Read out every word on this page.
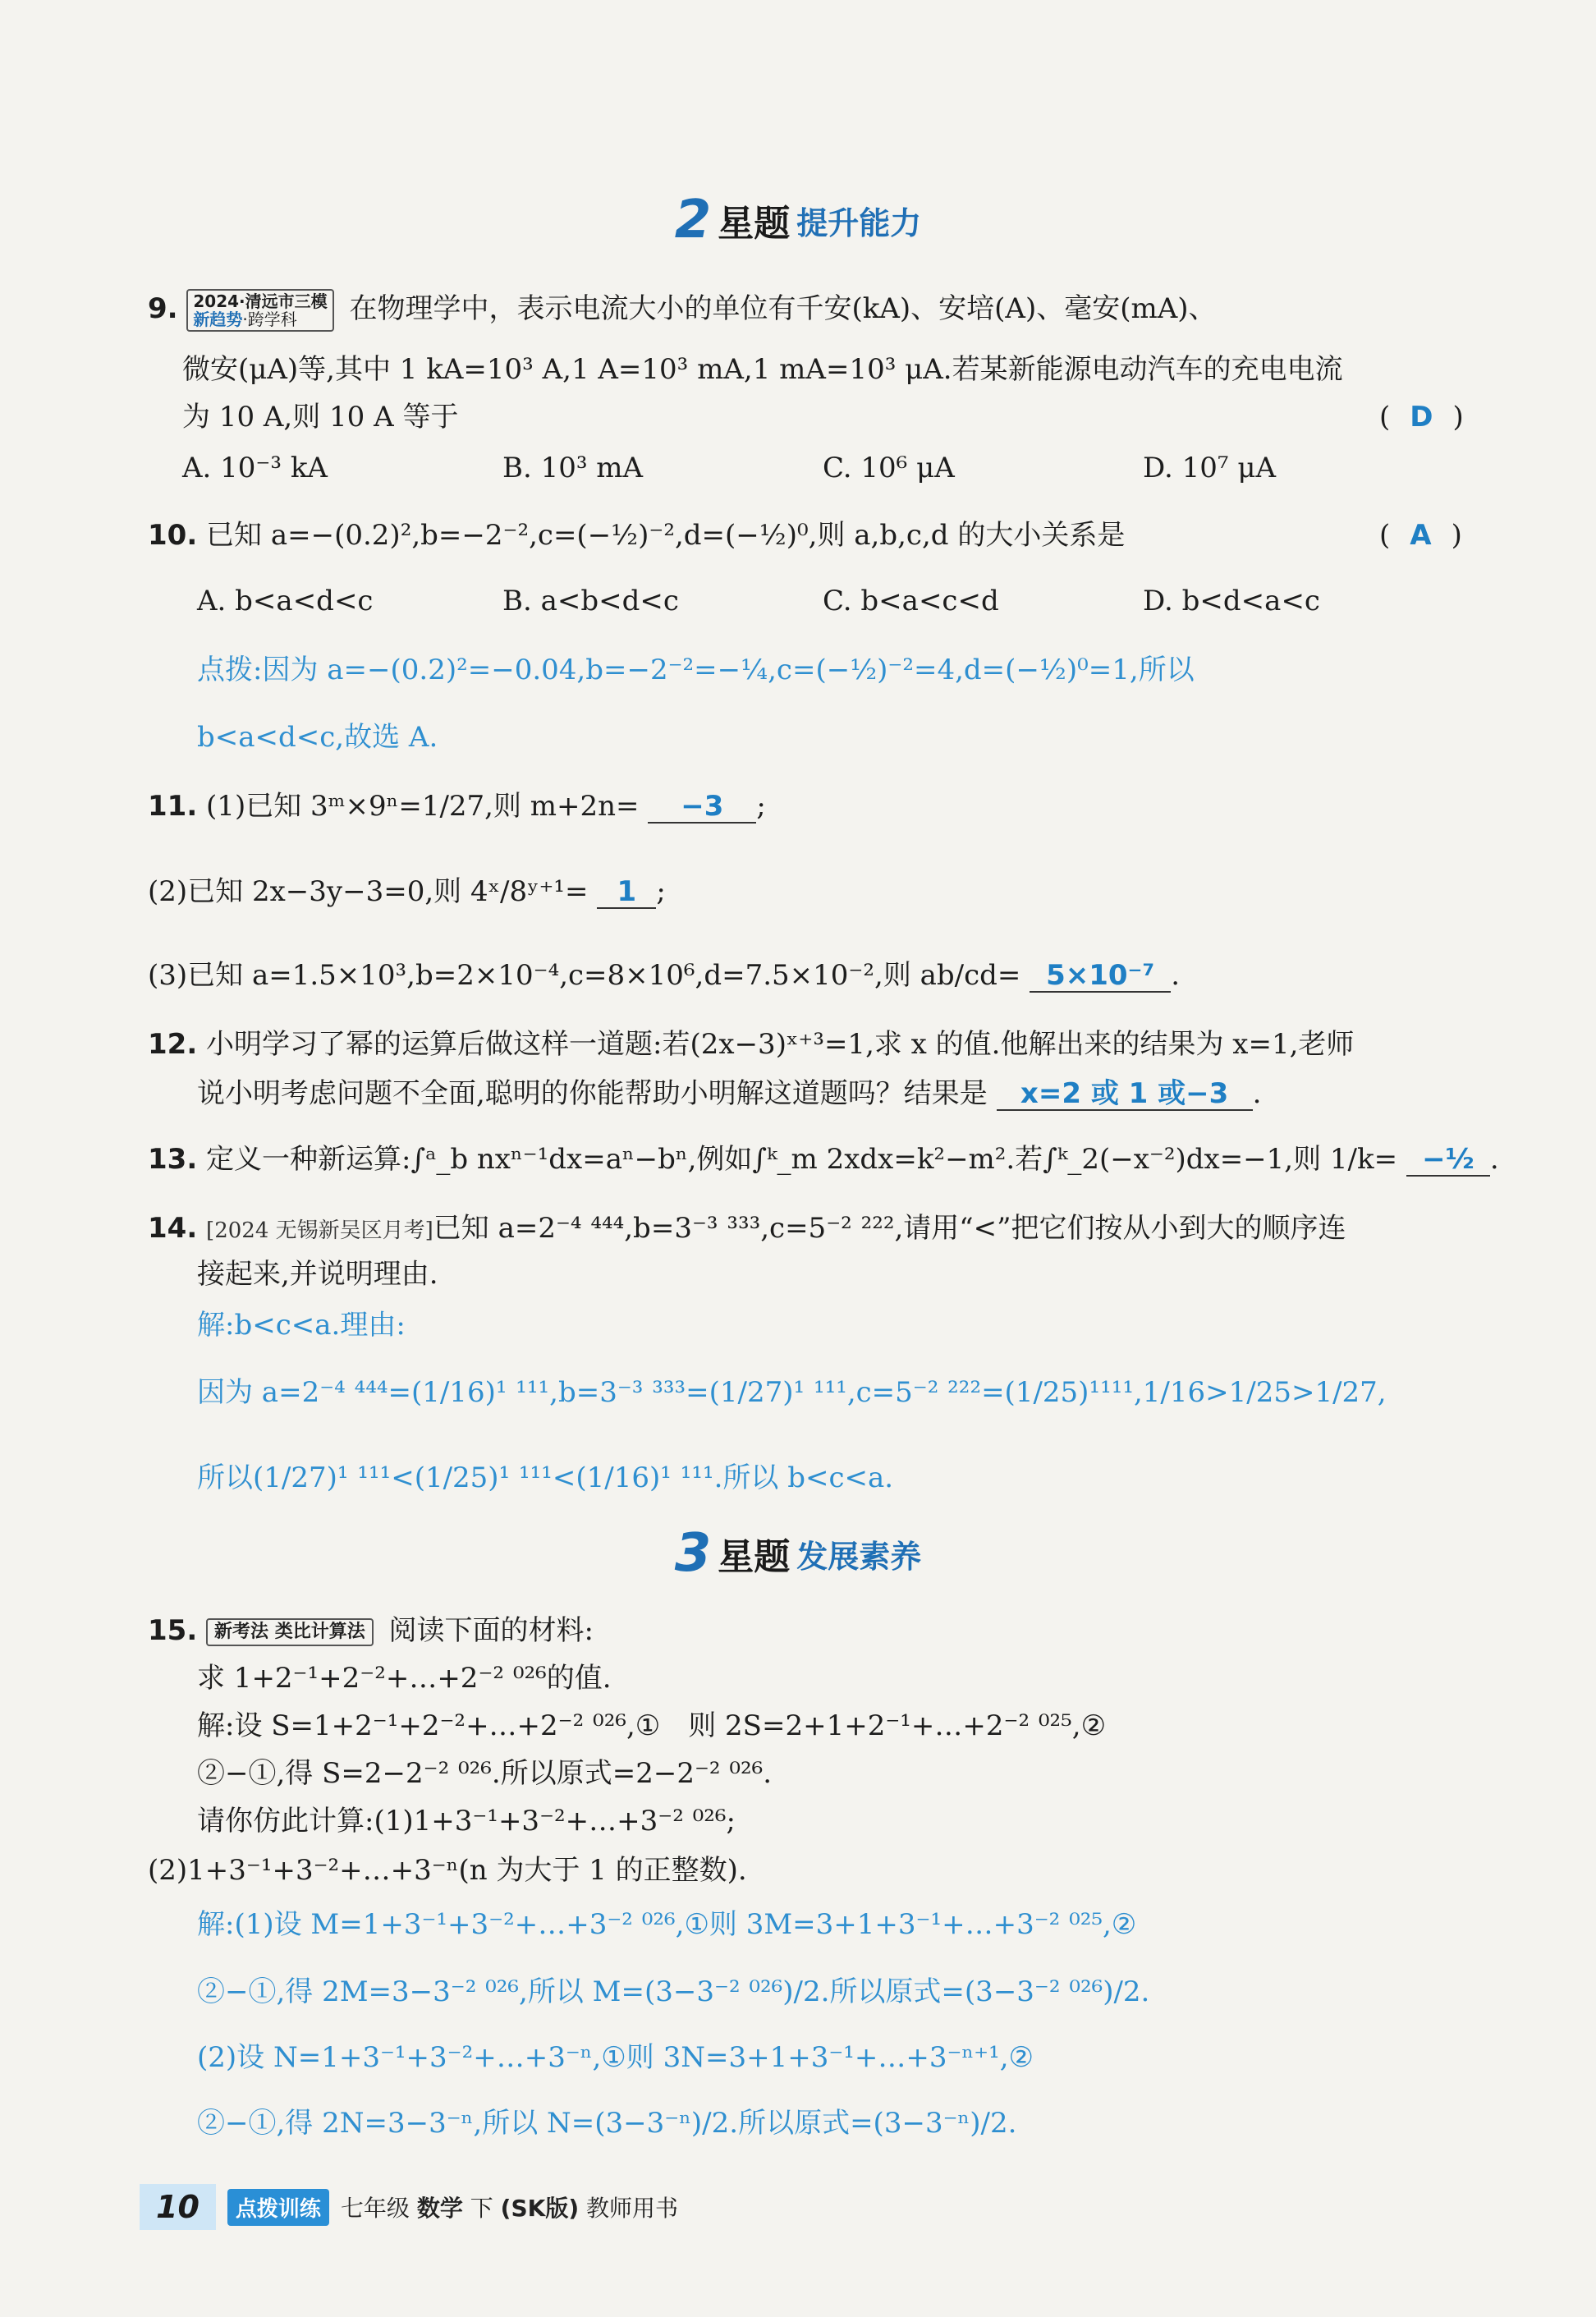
2 星题 提升能力
9. 2024·清远市三模
新趋势·跨学科	在物理学中，表示电流大小的单位有千安(kA)、安培(A)、毫安(mA)、
微安(μA)等,其中 1 kA=10³ A,1 A=10³ mA,1 mA=10³ μA.若某新能源电动汽车的充电电流
为 10 A,则 10 A 等于	( D )
A. 10⁻³ kA	B. 10³ mA	C. 10⁶ μA	D. 10⁷ μA
10. 已知 a=−(0.2)²,b=−2⁻²,c=(−½)⁻²,d=(−½)⁰,则 a,b,c,d 的大小关系是	( A )
A. b<a<d<c	B. a<b<d<c	C. b<a<c<d	D. b<d<a<c
点拨:因为 a=−(0.2)²=−0.04,b=−2⁻²=−¼,c=(−½)⁻²=4,d=(−½)⁰=1,所以
b<a<d<c,故选 A.
11. (1)已知 3ᵐ×9ⁿ=1/27,则 m+2n= −3 ;
(2)已知 2x−3y−3=0,则 4ˣ/8ʸ⁺¹= 1 ;
(3)已知 a=1.5×10³,b=2×10⁻⁴,c=8×10⁶,d=7.5×10⁻²,则 ab/cd= 5×10⁻⁷ .
12. 小明学习了幂的运算后做这样一道题:若(2x−3)ˣ⁺³=1,求 x 的值.他解出来的结果为 x=1,老师
说小明考虑问题不全面,聪明的你能帮助小明解这道题吗？结果是 x=2 或 1 或−3 .
13. 定义一种新运算:∫ᵃ_b nxⁿ⁻¹dx=aⁿ−bⁿ,例如∫ᵏ_m 2xdx=k²−m².若∫ᵏ_2(−x⁻²)dx=−1,则 1/k= −½ .
14. [2024 无锡新吴区月考]已知 a=2⁻⁴ ⁴⁴⁴,b=3⁻³ ³³³,c=5⁻² ²²²,请用“<”把它们按从小到大的顺序连
接起来,并说明理由.
解:b<c<a.理由:
因为 a=2⁻⁴ ⁴⁴⁴=(1/16)¹ ¹¹¹,b=3⁻³ ³³³=(1/27)¹ ¹¹¹,c=5⁻² ²²²=(1/25)¹¹¹¹,1/16>1/25>1/27,
所以(1/27)¹ ¹¹¹<(1/25)¹ ¹¹¹<(1/16)¹ ¹¹¹.所以 b<c<a.
3 星题 发展素养
15. 新考法 类比计算法 阅读下面的材料:
求 1+2⁻¹+2⁻²+…+2⁻² ⁰²⁶的值.
解:设 S=1+2⁻¹+2⁻²+…+2⁻² ⁰²⁶,①　则 2S=2+1+2⁻¹+…+2⁻² ⁰²⁵,②
②−①,得 S=2−2⁻² ⁰²⁶.所以原式=2−2⁻² ⁰²⁶.
请你仿此计算:(1)1+3⁻¹+3⁻²+…+3⁻² ⁰²⁶;
(2)1+3⁻¹+3⁻²+…+3⁻ⁿ(n 为大于 1 的正整数).
解:(1)设 M=1+3⁻¹+3⁻²+…+3⁻² ⁰²⁶,①则 3M=3+1+3⁻¹+…+3⁻² ⁰²⁵,②
②−①,得 2M=3−3⁻² ⁰²⁶,所以 M=(3−3⁻² ⁰²⁶)/2.所以原式=(3−3⁻² ⁰²⁶)/2.
(2)设 N=1+3⁻¹+3⁻²+…+3⁻ⁿ,①则 3N=3+1+3⁻¹+…+3⁻ⁿ⁺¹,②
②−①,得 2N=3−3⁻ⁿ,所以 N=(3−3⁻ⁿ)/2.所以原式=(3−3⁻ⁿ)/2.
10	点拨训练 七年级 数学 下 (SK版) 教师用书
